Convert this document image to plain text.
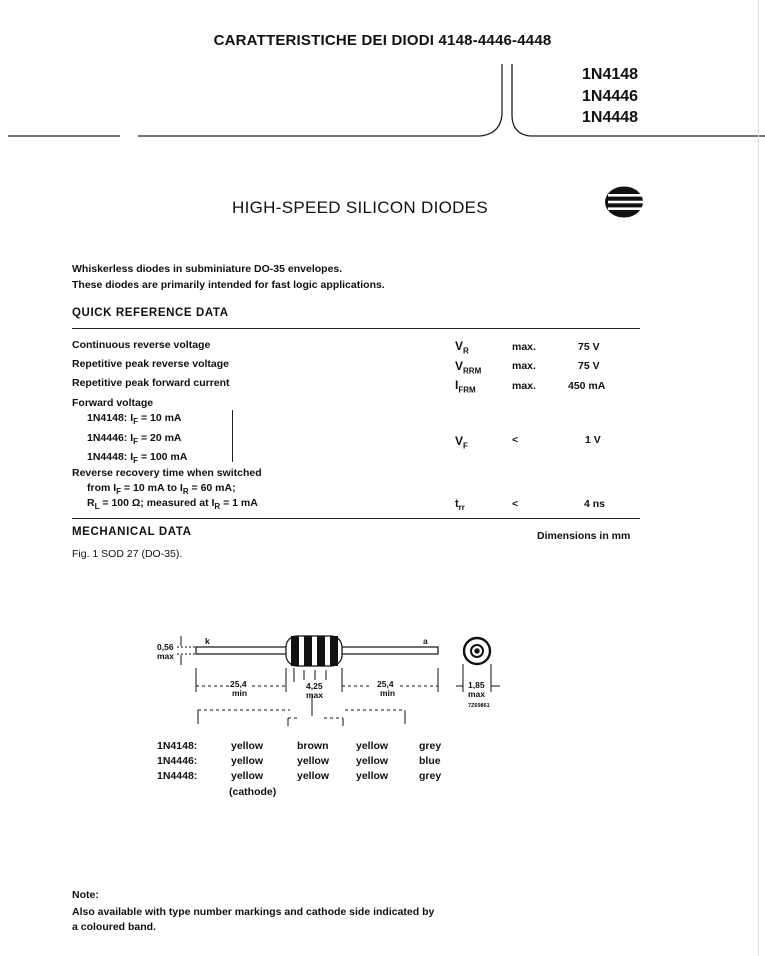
CARATTERISTICHE DEI DIODI 4148-4446-4448
1N4148
1N4446
1N4448
HIGH-SPEED SILICON DIODES
Whiskerless diodes in subminiature DO-35 envelopes.
These diodes are primarily intended for fast logic applications.
QUICK REFERENCE DATA
Continuous reverse voltage	$V_R$	max.	75 V
Repetitive peak reverse voltage	$V_{RRM}$	max.	75 V
Repetitive peak forward current	$I_{FRM}$	max.	450 mA
Forward voltage
1N4148: $I_F = 10$ mA
1N4446: $I_F = 20$ mA
1N4448: $I_F = 100$ mA
$V_F$	<	1 V
Reverse recovery time when switched
from $I_F = 10$ mA to $I_R = 60$ mA;
$R_L = 100$ Ω; measured at $I_R = 1$ mA	$t_{rr}$	<	4 ns
MECHANICAL DATA	Dimensions in mm
Fig. 1 SOD 27 (DO-35).
k	a
0,56
max
25,4
min
4,25
max
25,4
min
1,85
max
7Z69861
1N4148:	yellow	brown	yellow	grey
1N4446:	yellow	yellow	yellow	blue
1N4448:	yellow	yellow	yellow	grey
(cathode)
Note:
Also available with type number markings and cathode side indicated by
a coloured band.
